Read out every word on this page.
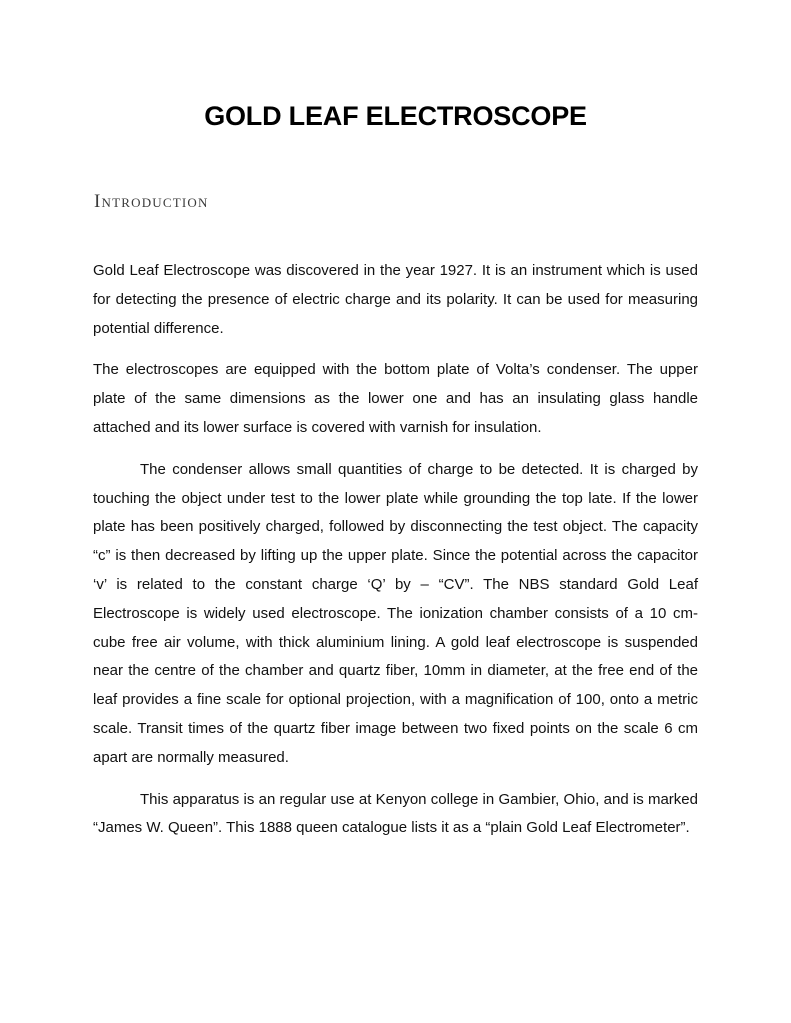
GOLD LEAF ELECTROSCOPE
Introduction

Gold Leaf Electroscope was discovered in the year 1927. It is an instrument which is used for detecting the presence of electric charge and its polarity. It can be used for measuring potential difference.

The electroscopes are equipped with the bottom plate of Volta’s condenser. The upper plate of the same dimensions as the lower one and has an insulating glass handle attached and its lower surface is covered with varnish for insulation.

The condenser allows small quantities of charge to be detected. It is charged by touching the object under test to the lower plate while grounding the top late. If the lower plate has been positively charged, followed by disconnecting the test object. The capacity “c” is then decreased by lifting up the upper plate. Since the potential across the capacitor ‘v’ is related to the constant charge ‘Q’ by – “CV”. The NBS standard Gold Leaf Electroscope is widely used electroscope. The ionization chamber consists of a 10 cm-cube free air volume, with thick aluminium lining. A gold leaf electroscope is suspended near the centre of the chamber and quartz fiber, 10mm in diameter, at the free end of the leaf provides a fine scale for optional projection, with a magnification of 100, onto a metric scale. Transit times of the quartz fiber image between two fixed points on the scale 6 cm apart are normally measured.

This apparatus is an regular use at Kenyon college in Gambier, Ohio, and is marked “James W. Queen”. This 1888 queen catalogue lists it as a “plain Gold Leaf Electrometer”.
